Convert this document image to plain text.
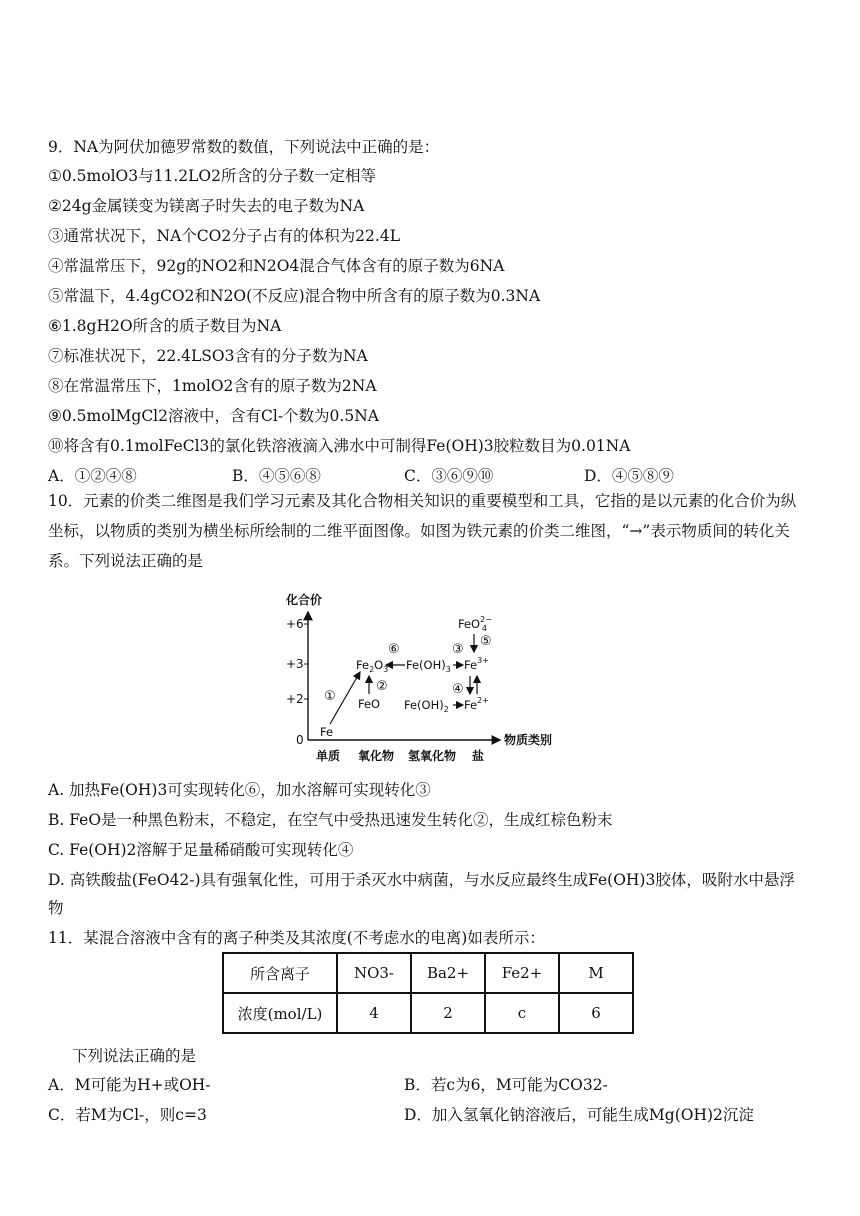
9．NA为阿伏加德罗常数的数值，下列说法中正确的是：
①0.5molO3与11.2LO2所含的分子数一定相等
②24g金属镁变为镁离子时失去的电子数为NA
③通常状况下，NA个CO2分子占有的体积为22.4L
④常温常压下，92g的NO2和N2O4混合气体含有的原子数为6NA
⑤常温下，4.4gCO2和N2O(不反应)混合物中所含有的原子数为0.3NA
⑥1.8gH2O所含的质子数目为NA
⑦标准状况下，22.4LSO3含有的分子数为NA
⑧在常温常压下，1molO2含有的原子数为2NA
⑨0.5molMgCl2溶液中，含有Cl-个数为0.5NA
⑩将含有0.1molFeCl3的氯化铁溶液滴入沸水中可制得Fe(OH)3胶粒数目为0.01NA
A．①②④⑧	B．④⑤⑥⑧	C．③⑥⑨⑩	D．④⑤⑧⑨
10．元素的价类二维图是我们学习元素及其化合物相关知识的重要模型和工具，它指的是以元素的化合价为纵坐标，以物质的类别为横坐标所绘制的二维平面图像。如图为铁元素的价类二维图，“→”表示物质间的转化关系。下列说法正确的是
化合价
物质类别
+6
+3
+2
0
单质 氧化物 氢氧化物 盐
Fe
FeO
$Fe_2O_3$ $Fe(OH)_3$ $Fe^{3+}$
$Fe(OH)_2$ $Fe^{2+}$
FeO$^{2-}$ 4
①
②
⑥	③
⑤
④
A. 加热Fe(OH)3可实现转化⑥，加水溶解可实现转化③
B. FeO是一种黑色粉末，不稳定，在空气中受热迅速发生转化②，生成红棕色粉末
C. Fe(OH)2溶解于足量稀硝酸可实现转化④
D. 高铁酸盐(FeO42-)具有强氧化性，可用于杀灭水中病菌，与水反应最终生成Fe(OH)3胶体，吸附水中悬浮物
11．某混合溶液中含有的离子种类及其浓度(不考虑水的电离)如表所示：
所含离子	NO3-	Ba2+	Fe2+	M
浓度(mol/L)	4	2	c	6
下列说法正确的是
A．M可能为H+或OH-	B．若c为6，M可能为CO32-
C．若M为Cl-，则c=3	D．加入氢氧化钠溶液后，可能生成Mg(OH)2沉淀
